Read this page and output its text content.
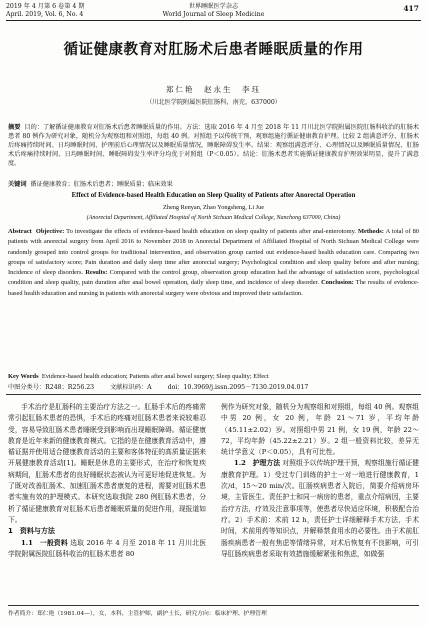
2019 年 4 月第 6 卷第 4 期
April. 2019, Vol. 6, No. 4
世界睡眠医学杂志
World Journal of Sleep Medicine
417
循证健康教育对肛肠术后患者睡眠质量的作用
郑仁艳　赵永生　李珏
（川北医学院附属医院肛肠科，南充，637000）
摘要 目的：了解循证健康教育对肛肠术后患者睡眠质量的作用。方法：选取 2016 年 4 月至 2018 年 11 月川北医学院附属医院肛肠科收治的肛肠术患者 80 例作为研究对象，随机分为观察组和对照组，每组 40 例。对照组予以传统干预，观察组施行循证健康教育护理。比较 2 组满意评分、肛肠术后疼痛持续时间、日均睡眠时间、护理前后心理情况以及睡眠质量情况，睡眠障碍发生率。结果：观察组满意评分、心理情况以及睡眠质量情况、肛肠术后疼痛持续时间、日均睡眠时间、睡眠障碍发生率评分均优于对照组（P＜0.05）。结论：肛肠术患者实施循证健康教育护理效果明显，提升了满意度。
关键词 循证健康教育；肛肠术后患者；睡眠质量；临床效果
Effect of Evidence-based Health Education on Sleep Quality of Patients after Anorectal Operation
Zheng Renyan, Zhao Yongsheng, Li Jue
(Anorectal Department, Affiliated Hospital of North Sichuan Medical College, Nanchong 637000, China)
Abstract Objective: To investigate the effects of evidence-based health education on sleep quality of patients after anal-enterotomy. Methods: A total of 80 patients with anorectal surgery from April 2016 to November 2018 in Anorectal Department of Affiliated Hospital of North Sichuan Medical College were randomly grouped into control groups for traditional intervention, and observation group carried out evidence-based health education care. Comparing two groups of satisfactory score; Pain duration and daily sleep time after anorectal surgery; Psychological condition and sleep quality before and after nursing; Incidence of sleep disorders. Results: Compared with the control group, observation group education had the advantage of satisfaction score, psychological condition and sleep quality, pain duration after anal bowel operation, daily sleep time, and incidence of sleep disorder. Conclusion: The results of evidence-based health education and nursing in patients with anorectal surgery were obvious and improved their satisfaction.
Key Words Evidence-based health education; Patients after anal bowel surgery; Sleep quality; Effect
中图分类号：R248；R256.23	文献标识码：A	doi：10.3969/j.issn.2095－7130.2019.04.017

手术治疗是肛肠科的主要治疗方法之一。肛肠手术后的疼痛常常引起肛肠术患者的恐惧，手术后的疼痛对肛肠术患者来说较难忍受，容易导致肛肠术患者睡眠受到影响而出现睡眠障碍。循证健康教育是近年来新的健康教育模式。它指的是在健康教育活动中，遵循证据并使用适合健康教育活动的主要和客体特征的高质量证据来开展健康教育活动[1]。睡眠是休息的主要形式，在治疗和恢复疾病期间，肛肠术患者的良好睡眠状态被认为可更好地促进恢复。为了既对改善肛肠术、加速肛肠术患者康复的进程，需要对肛肠术患者实施有效的护理模式。本研究选取我院 280 例肛肠术患者，分析了循证健康教育对肛肠术后患者睡眠质量的促进作用，现报道如下。

1　资料与方法

1.1　一般资料 选取 2016 年 4 月至 2018 年 11 月川北医学院附属医院肛肠科收治的肛肠术患者 80

例作为研究对象，随机分为观察组和对照组，每组 40 例。观察组中男 20 例，女 20 例，年龄 21～71 岁，平均年龄（45.11±2.02）岁。对照组中男 21 例，女 19 例，年龄 22～72，平均年龄（45.22±2.21）岁。2 组一般资料比较，差异无统计学意义（P＜0.05），具有可比性。

1.2　护理方法 对照组予以传统护理干预，观察组施行循证健康教育护理。1）受过专门训练的护士一对一地进行健康教育，1 次/d，15～20 min/次。肛肠疾病患者入院后，简要介绍病房环境，主管医生、责任护士和同一病房的患者，重点介绍病因，主要治疗方法，疗效及注意事项等，使患者尽快适应环境，积极配合治疗。2）手术前：术前 12 h，责任护士详细解释手术方法，手术时间，术前用药等知识点，并解释禁食用水的必要性。由于术前肛肠疾病患者一般有焦虑等情绪异常，对术后恢复有不良影响，可引导肛肠疾病患者采取有效措施缓解紧张和焦虑，如做强

作者简介：郑仁艳（1981.04—），女，本科，主管护师，副护士长，研究方向：临床护理、护理管理
